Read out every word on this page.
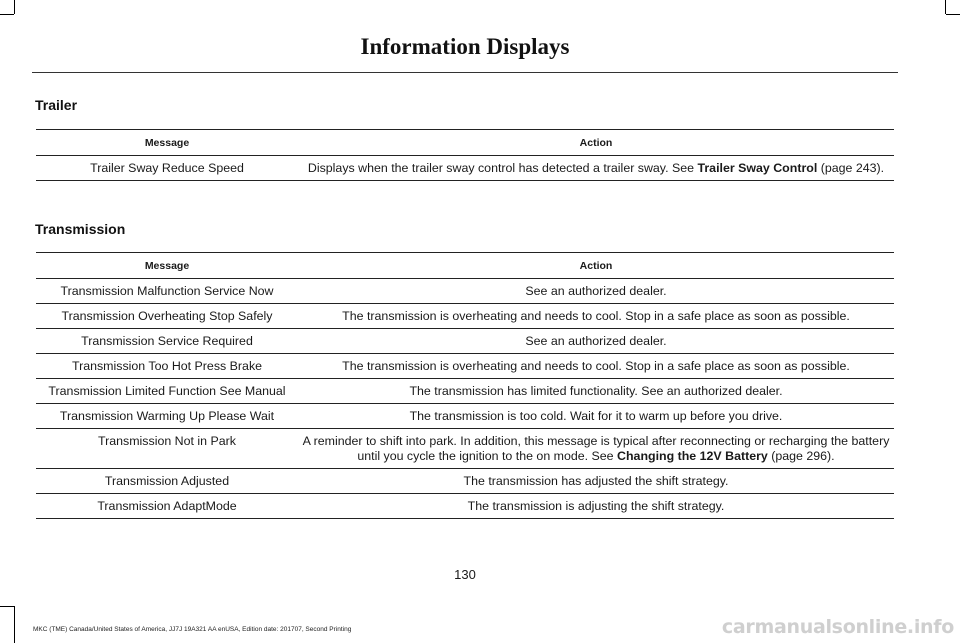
Information Displays
Trailer
Message	Action
Trailer Sway Reduce Speed	Displays when the trailer sway control has detected a trailer sway. See Trailer Sway Control (page 243).
Transmission
Message	Action
Transmission Malfunction Service Now	See an authorized dealer.
Transmission Overheating Stop Safely	The transmission is overheating and needs to cool. Stop in a safe place as soon as possible.
Transmission Service Required	See an authorized dealer.
Transmission Too Hot Press Brake	The transmission is overheating and needs to cool. Stop in a safe place as soon as possible.
Transmission Limited Function See Manual	The transmission has limited functionality. See an authorized dealer.
Transmission Warming Up Please Wait	The transmission is too cold. Wait for it to warm up before you drive.
Transmission Not in Park	A reminder to shift into park. In addition, this message is typical after reconnecting or recharging the battery until you cycle the ignition to the on mode. See Changing the 12V Battery (page 296).
Transmission Adjusted	The transmission has adjusted the shift strategy.
Transmission AdaptMode	The transmission is adjusting the shift strategy.
130
MKC (TME) Canada/United States of America, JJ7J 19A321 AA enUSA, Edition date: 201707, Second Printing	carmanualsonline.info
